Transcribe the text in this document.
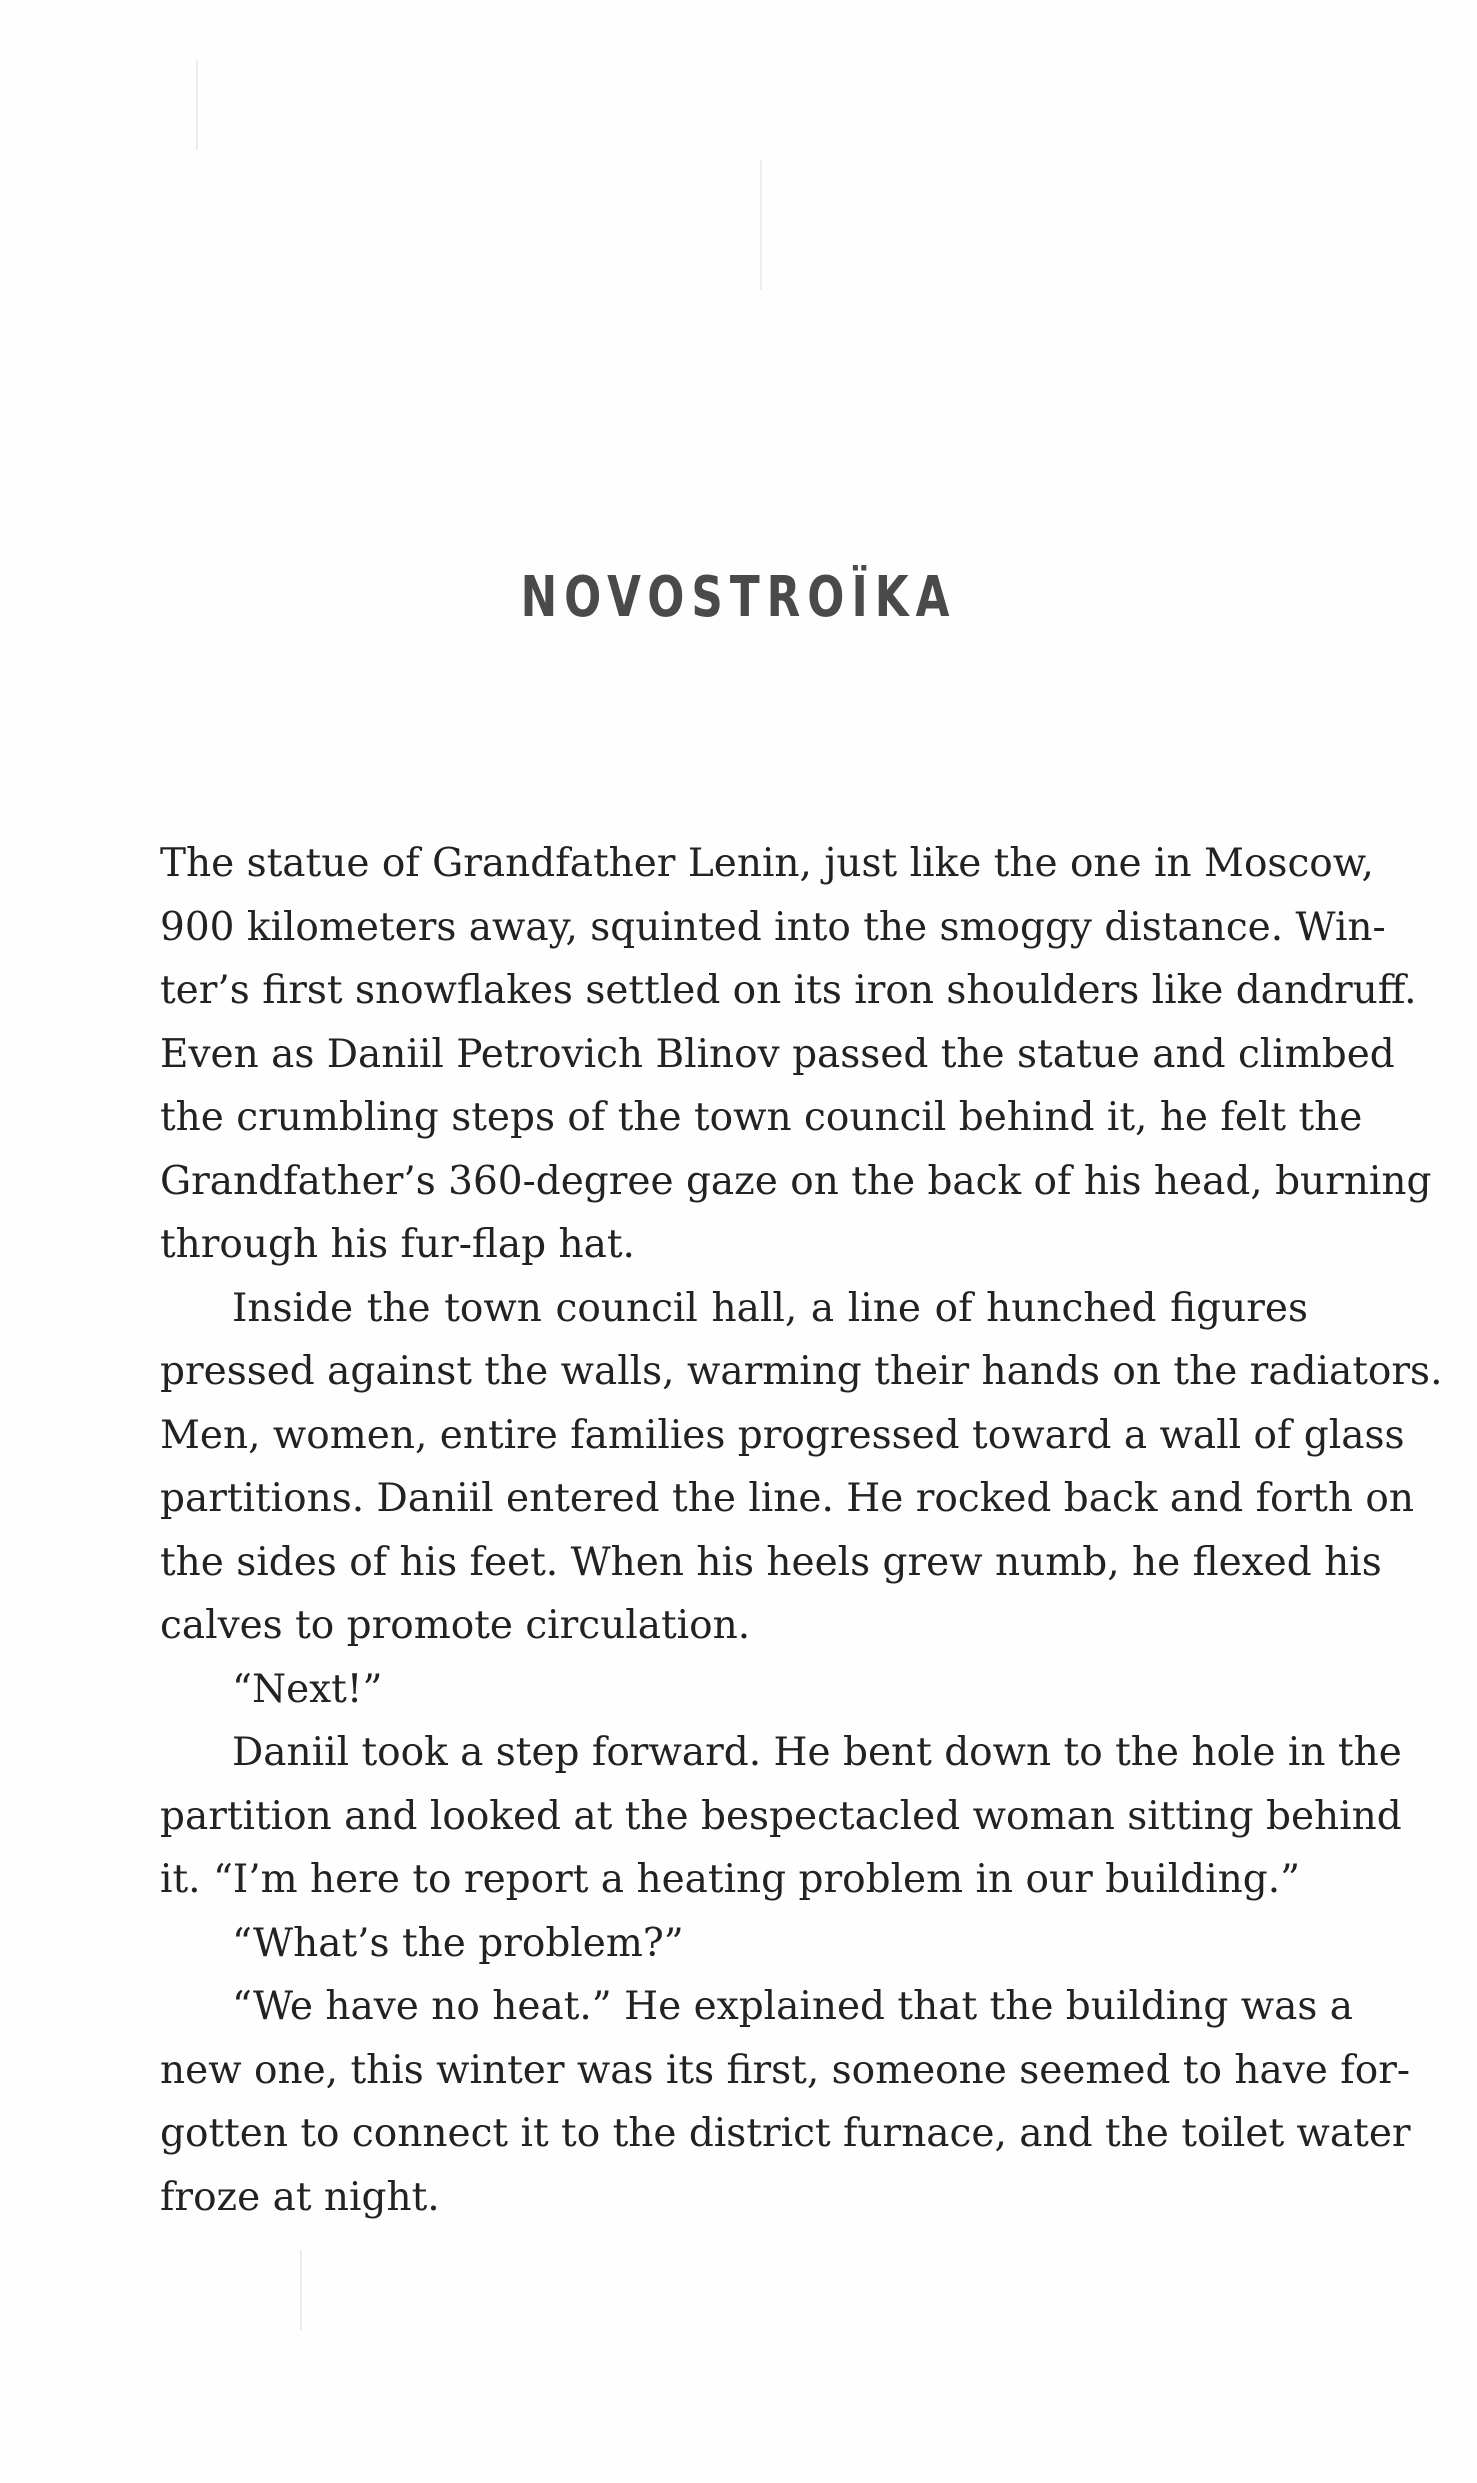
NOVOSTROÏKA
The statue of Grandfather Lenin, just like the one in Moscow,
900 kilometers away, squinted into the smoggy distance. Win-
ter’s first snowflakes settled on its iron shoulders like dandruff.
Even as Daniil Petrovich Blinov passed the statue and climbed
the crumbling steps of the town council behind it, he felt the
Grandfather’s 360-degree gaze on the back of his head, burning
through his fur-flap hat.
Inside the town council hall, a line of hunched figures
pressed against the walls, warming their hands on the radiators.
Men, women, entire families progressed toward a wall of glass
partitions. Daniil entered the line. He rocked back and forth on
the sides of his feet. When his heels grew numb, he flexed his
calves to promote circulation.
“Next!”
Daniil took a step forward. He bent down to the hole in the
partition and looked at the bespectacled woman sitting behind
it. “I’m here to report a heating problem in our building.”
“What’s the problem?”
“We have no heat.” He explained that the building was a
new one, this winter was its first, someone seemed to have for-
gotten to connect it to the district furnace, and the toilet water
froze at night.
